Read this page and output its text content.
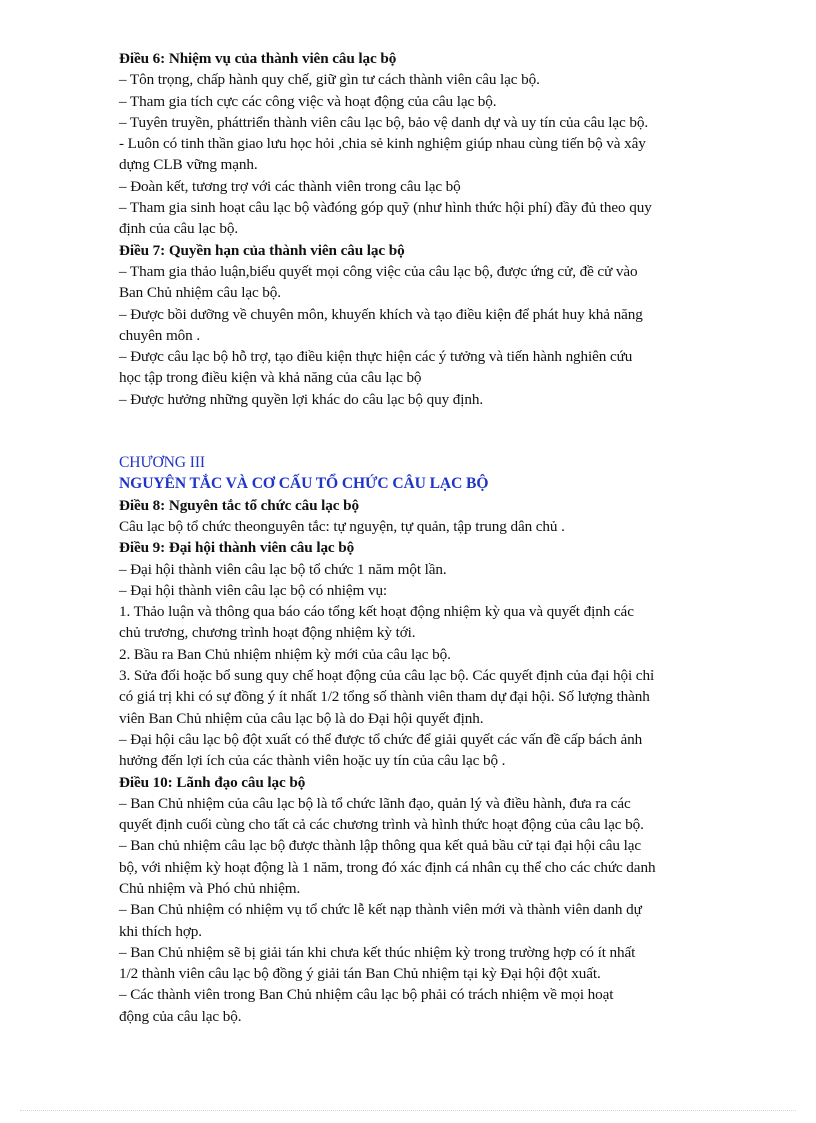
Điều 6: Nhiệm vụ của thành viên câu lạc bộ
– Tôn trọng, chấp hành quy chế, giữ gìn tư cách thành viên câu lạc bộ.
– Tham gia tích cực các công việc và hoạt động của câu lạc bộ.
– Tuyên truyền, pháttriển thành viên câu lạc bộ, bảo vệ danh dự và uy tín của câu lạc bộ.
- Luôn có tinh thần giao lưu học hỏi ,chia sẻ kinh nghiệm giúp nhau cùng tiến bộ và xây
dựng CLB vững mạnh.
– Đoàn kết, tương trợ với các thành viên trong câu lạc bộ
– Tham gia sinh hoạt câu lạc bộ vàđóng góp quỹ (như hình thức hội phí) đầy đủ theo quy
định của câu lạc bộ.
Điều 7: Quyền hạn của thành viên câu lạc bộ
– Tham gia thảo luận,biểu quyết mọi công việc của câu lạc bộ, được ứng cử, đề cử vào
Ban Chủ nhiệm câu lạc bộ.
– Được bồi dưỡng về chuyên môn, khuyến khích và tạo điều kiện để phát huy khả năng
chuyên môn .
– Được câu lạc bộ hỗ trợ, tạo điều kiện thực hiện các ý tưởng và tiến hành nghiên cứu
học tập trong điều kiện và khả năng của câu lạc bộ
– Được hưởng những quyền lợi khác do câu lạc bộ quy định.
CHƯƠNG III
NGUYÊN TẮC VÀ CƠ CẤU TỔ CHỨC CÂU LẠC BỘ
Điều 8: Nguyên tắc tổ chức câu lạc bộ
Câu lạc bộ tổ chức theonguyên tắc: tự nguyện, tự quản, tập trung dân chủ .
Điều 9: Đại hội thành viên câu lạc bộ
– Đại hội thành viên câu lạc bộ tổ chức 1 năm một lần.
– Đại hội thành viên câu lạc bộ có nhiệm vụ:
1. Thảo luận và thông qua báo cáo tổng kết hoạt động nhiệm kỳ qua và quyết định các
chủ trương, chương trình hoạt động nhiệm kỳ tới.
2. Bầu ra Ban Chủ nhiệm nhiệm kỳ mới của câu lạc bộ.
3. Sửa đổi hoặc bổ sung quy chế hoạt động của câu lạc bộ. Các quyết định của đại hội chỉ
có giá trị khi có sự đồng ý ít nhất 1/2 tổng số thành viên tham dự đại hội. Số lượng thành
viên Ban Chủ nhiệm của câu lạc bộ là do Đại hội quyết định.
– Đại hội câu lạc bộ đột xuất có thể được tổ chức để giải quyết các vấn đề cấp bách ảnh
hưởng đến lợi ích của các thành viên hoặc uy tín của câu lạc bộ .
Điều 10: Lãnh đạo câu lạc bộ
– Ban Chủ nhiệm của câu lạc bộ là tổ chức lãnh đạo, quản lý và điều hành, đưa ra các
quyết định cuối cùng cho tất cả các chương trình và hình thức hoạt động của câu lạc bộ.
– Ban chủ nhiệm câu lạc bộ được thành lập thông qua kết quả bầu cử tại đại hội câu lạc
bộ, với nhiệm kỳ hoạt động là 1 năm, trong đó xác định cá nhân cụ thể cho các chức danh
Chủ nhiệm và Phó chủ nhiệm.
– Ban Chủ nhiệm có nhiệm vụ tổ chức lễ kết nạp thành viên mới và thành viên danh dự
khi thích hợp.
– Ban Chủ nhiệm sẽ bị giải tán khi chưa kết thúc nhiệm kỳ trong trường hợp có ít nhất
1/2 thành viên câu lạc bộ đồng ý giải tán Ban Chủ nhiệm tại kỳ Đại hội đột xuất.
– Các thành viên trong Ban Chủ nhiệm câu lạc bộ phải có trách nhiệm về mọi hoạt
động của câu lạc bộ.
